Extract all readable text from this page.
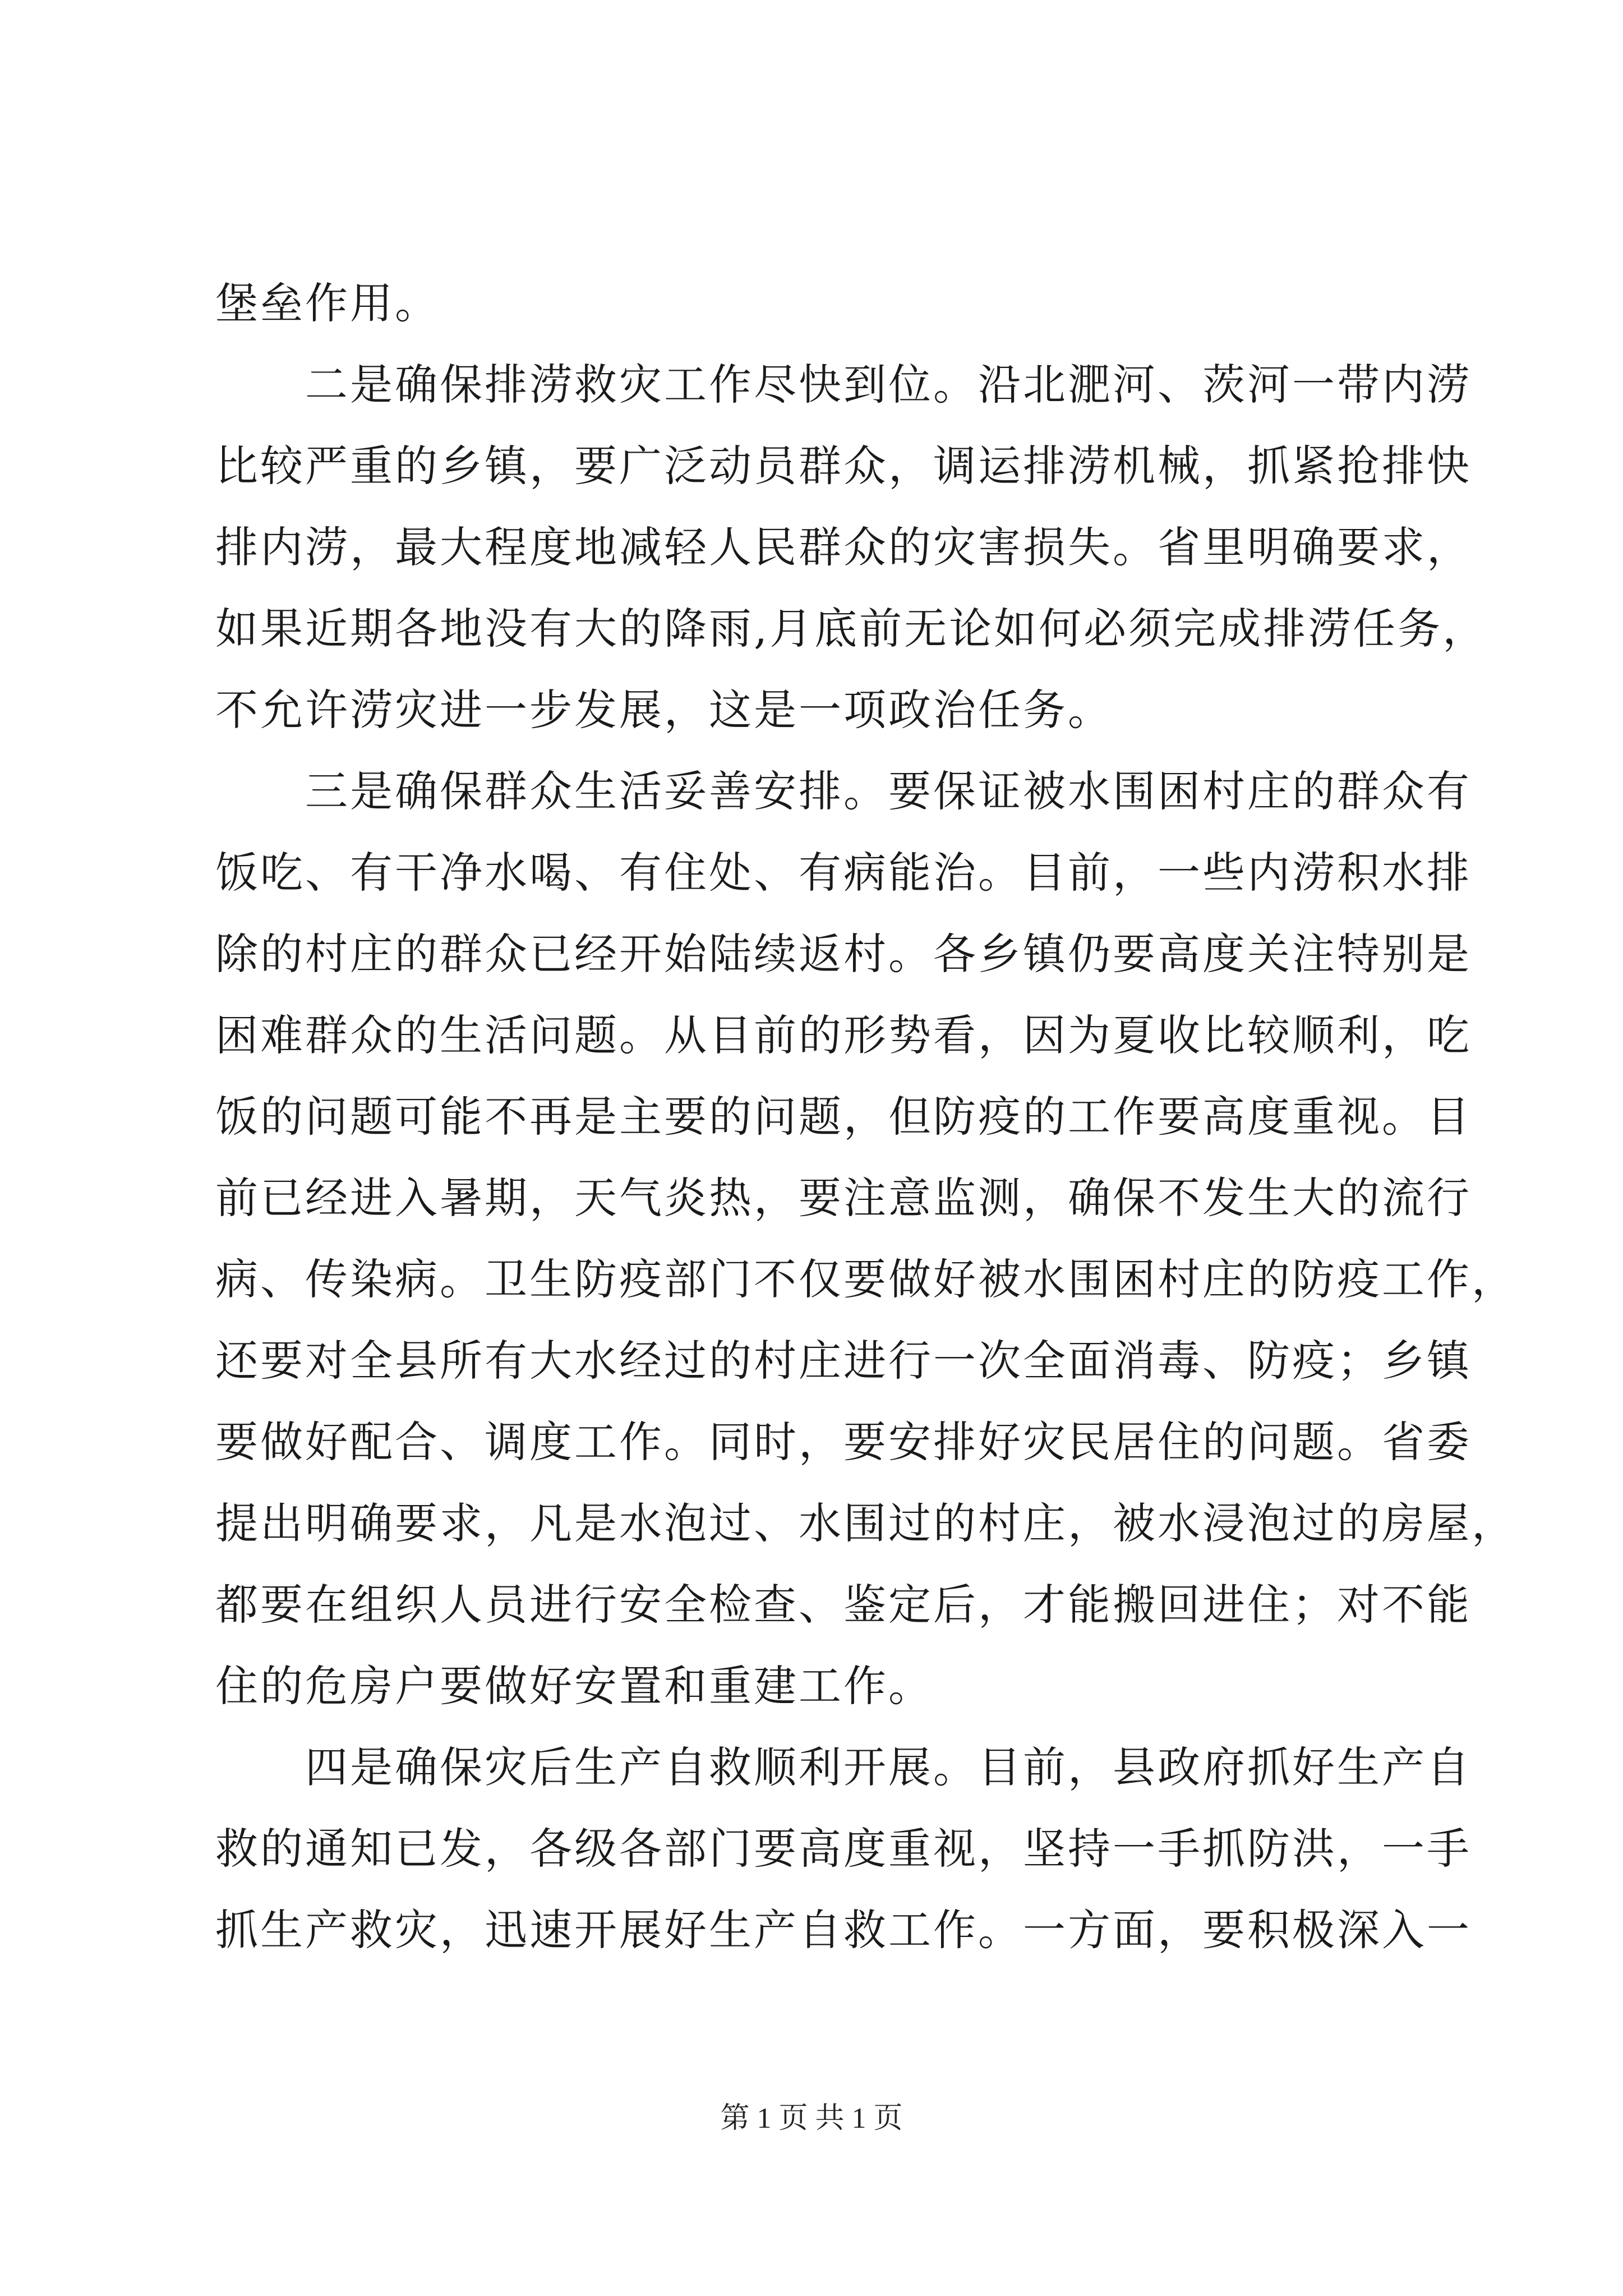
堡垒作用。
　　二是确保排涝救灾工作尽快到位。沿北淝河、茨河一带内涝
比较严重的乡镇，要广泛动员群众，调运排涝机械，抓紧抢排快
排内涝，最大程度地减轻人民群众的灾害损失。省里明确要求，
如果近期各地没有大的降雨,月底前无论如何必须完成排涝任务，
不允许涝灾进一步发展，这是一项政治任务。
　　三是确保群众生活妥善安排。要保证被水围困村庄的群众有
饭吃、有干净水喝、有住处、有病能治。目前，一些内涝积水排
除的村庄的群众已经开始陆续返村。各乡镇仍要高度关注特别是
困难群众的生活问题。从目前的形势看，因为夏收比较顺利，吃
饭的问题可能不再是主要的问题，但防疫的工作要高度重视。目
前已经进入暑期，天气炎热，要注意监测，确保不发生大的流行
病、传染病。卫生防疫部门不仅要做好被水围困村庄的防疫工作，
还要对全县所有大水经过的村庄进行一次全面消毒、防疫；乡镇
要做好配合、调度工作。同时，要安排好灾民居住的问题。省委
提出明确要求，凡是水泡过、水围过的村庄，被水浸泡过的房屋，
都要在组织人员进行安全检查、鉴定后，才能搬回进住；对不能
住的危房户要做好安置和重建工作。
　　四是确保灾后生产自救顺利开展。目前，县政府抓好生产自
救的通知已发，各级各部门要高度重视，坚持一手抓防洪，一手
抓生产救灾，迅速开展好生产自救工作。一方面，要积极深入一
第 1 页 共 1 页
